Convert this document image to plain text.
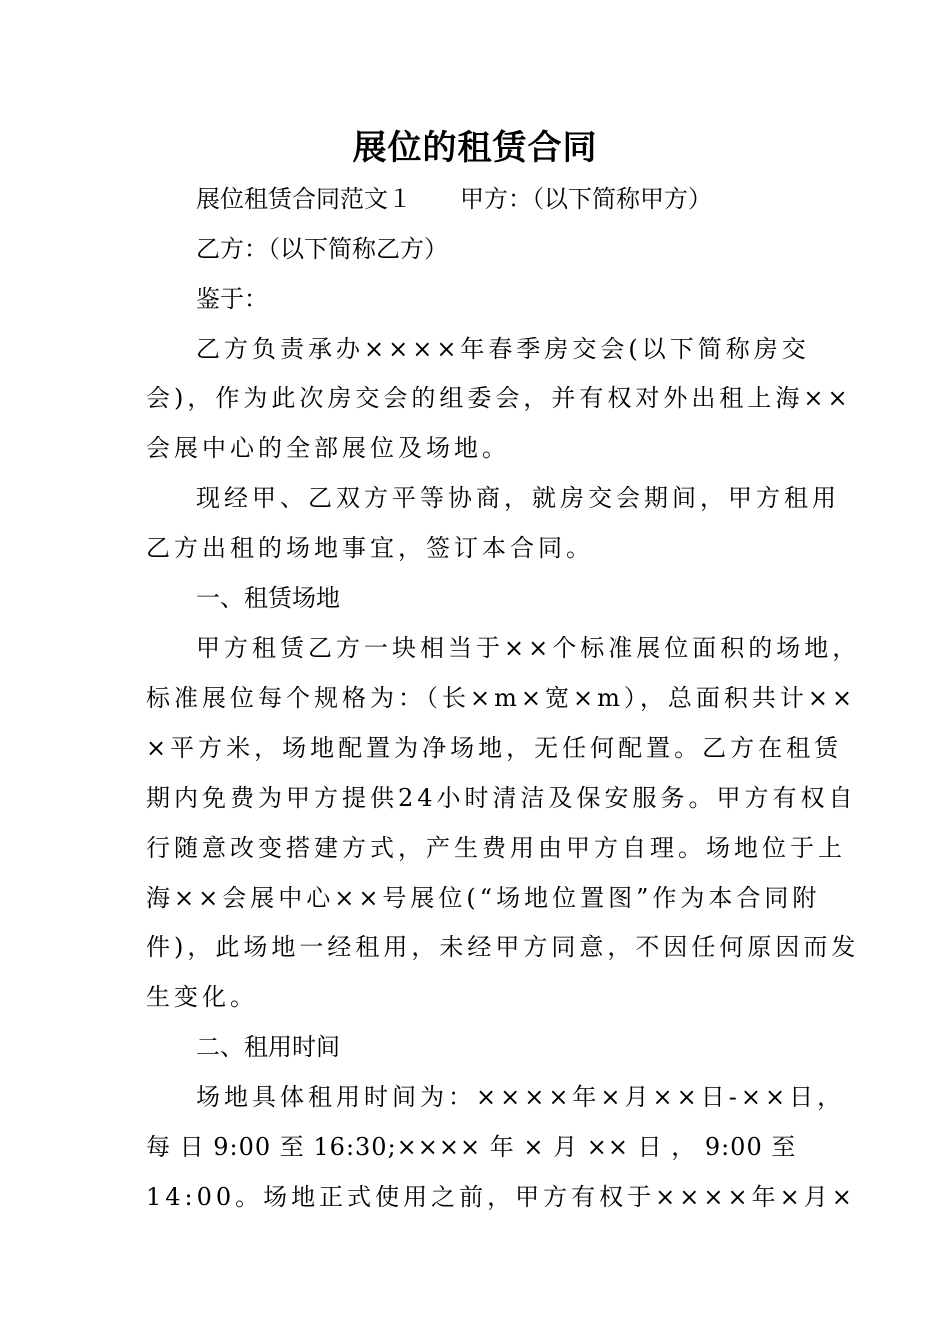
展位的租赁合同
展位租赁合同范文１ 甲方：（以下简称甲方）
乙方：（以下简称乙方）
鉴于：
乙方负责承办××××年春季房交会(以下简称房交
会)，作为此次房交会的组委会，并有权对外出租上海××
会展中心的全部展位及场地。
现经甲、乙双方平等协商，就房交会期间，甲方租用
乙方出租的场地事宜，签订本合同。
一、租赁场地
甲方租赁乙方一块相当于××个标准展位面积的场地，
标准展位每个规格为：（长×m×宽×m），总面积共计××
×平方米，场地配置为净场地，无任何配置。乙方在租赁
期内免费为甲方提供24小时清洁及保安服务。甲方有权自
行随意改变搭建方式，产生费用由甲方自理。场地位于上
海××会展中心××号展位(“场地位置图”作为本合同附
件)，此场地一经租用，未经甲方同意，不因任何原因而发
生变化。
二、租用时间
场地具体租用时间为：××××年×月××日-××日，
每 日 9:00 至 16:30;×××× 年 × 月 ×× 日 ， 9:00 至
14:00。场地正式使用之前，甲方有权于××××年×月×
